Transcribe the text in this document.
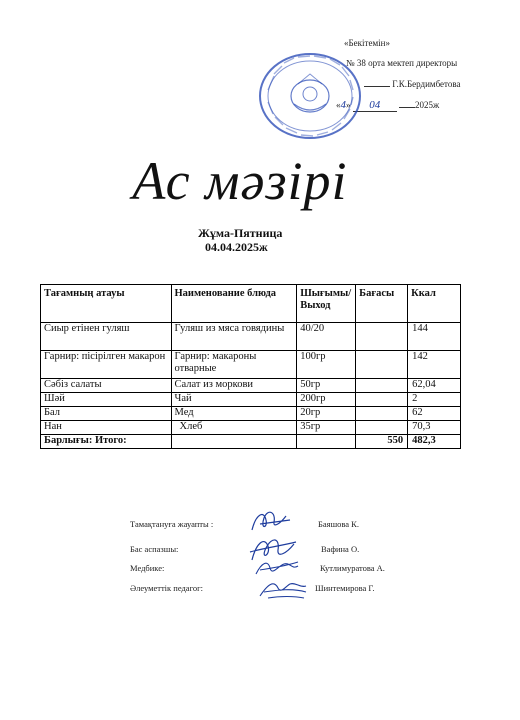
«Бекітемін»
№ 38 орта мектеп директоры
Г.К.Бердимбетова
«4» 04	2025ж
Ас мәзірі
Жұма-Пятница
04.04.2025ж
Тағамның атауы	Наименование блюда	Шығымы/ Выход	Бағасы	Ккал
Сиыр етінен гуляш	Гуляш из мяса говядины	40/20		144
Гарнир: пісірілген макарон	Гарнир: макароны отварные	100гр		142
Сәбіз салаты	Салат из моркови	50гр		62,04
Шәй	Чай	200гр		2
Бал	Мед	20гр		62
Нан	Хлеб	35гр		70,3
Барлығы: Итого:			550	482,3
Тамақтануға жауапты :	Баяшова К.
Бас аспазшы:	Вафина О.
Медбике:	Кутлимуратова А.
Әлеуметтік педагог:	Шинтемирова Г.
